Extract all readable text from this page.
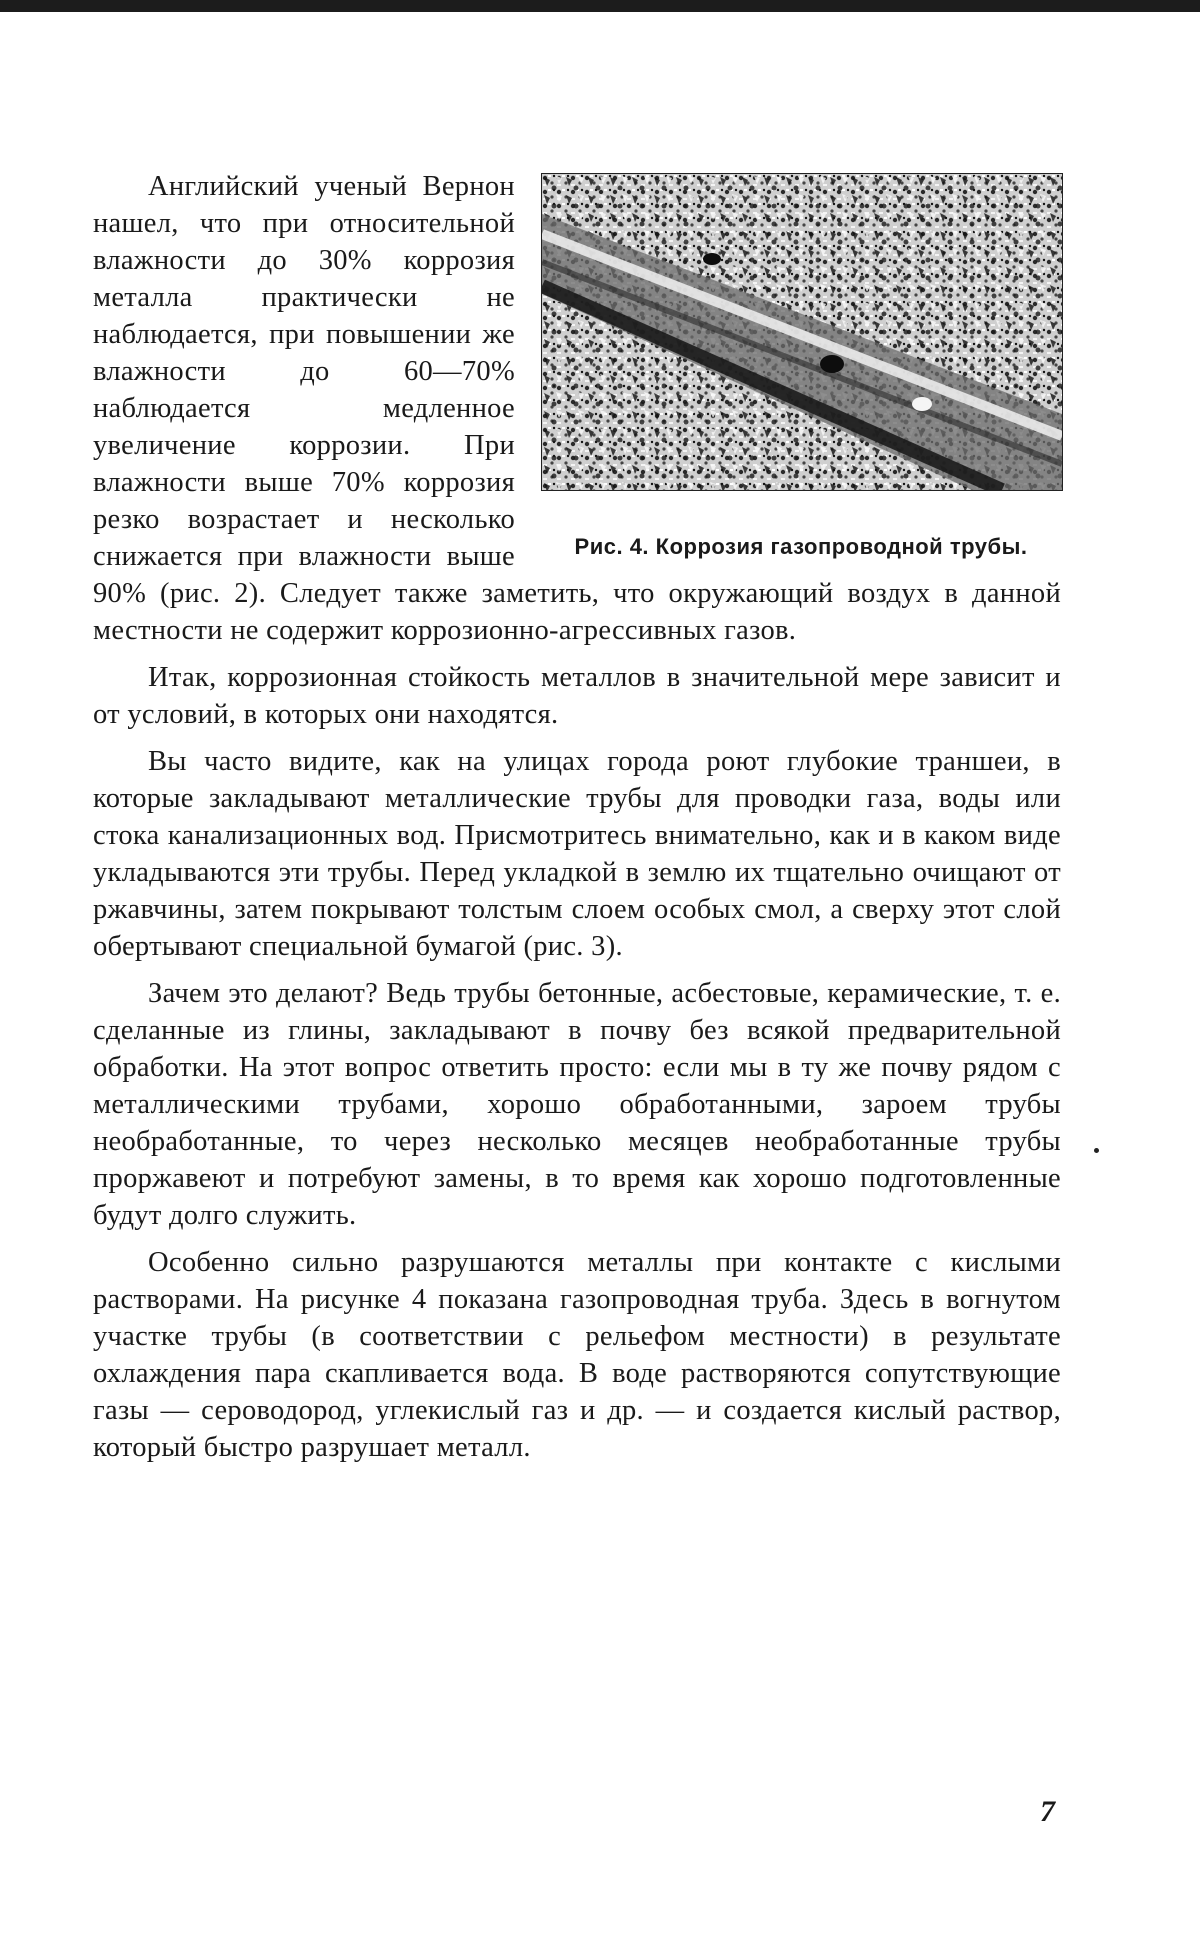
Рис. 4. Коррозия газопроводной трубы.

Английский ученый Вернон нашел, что при относительной влажности до 30% коррозия металла практически не наблюдается, при повышении же влажности до 60—70% наблюдается медленное увеличение коррозии. При влажности выше 70% коррозия резко возрастает и несколько снижается при влажности выше 90% (рис. 2). Следует также заметить, что окружающий воздух в данной местности не содержит коррозионно-агрессивных газов.

Итак, коррозионная стойкость металлов в значительной мере зависит и от условий, в которых они находятся.

Вы часто видите, как на улицах города роют глубокие траншеи, в которые закладывают металлические трубы для проводки газа, воды или стока канализационных вод. Присмотритесь внимательно, как и в каком виде укладываются эти трубы. Перед укладкой в землю их тщательно очищают от ржавчины, затем покрывают толстым слоем особых смол, а сверху этот слой обертывают специальной бумагой (рис. 3).

Зачем это делают? Ведь трубы бетонные, асбестовые, керамические, т. е. сделанные из глины, закладывают в почву без всякой предварительной обработки. На этот вопрос ответить просто: если мы в ту же почву рядом с металлическими трубами, хорошо обработанными, зароем трубы необработанные, то через несколько месяцев необработанные трубы проржавеют и потребуют замены, в то время как хорошо подготовленные будут долго служить.

Особенно сильно разрушаются металлы при контакте с кислыми растворами. На рисунке 4 показана газопроводная труба. Здесь в вогнутом участке трубы (в соответствии с рельефом местности) в результате охлаждения пара скапливается вода. В воде растворяются сопутствующие газы — сероводород, углекислый газ и др. — и создается кислый раствор, который быстро разрушает металл.

7
